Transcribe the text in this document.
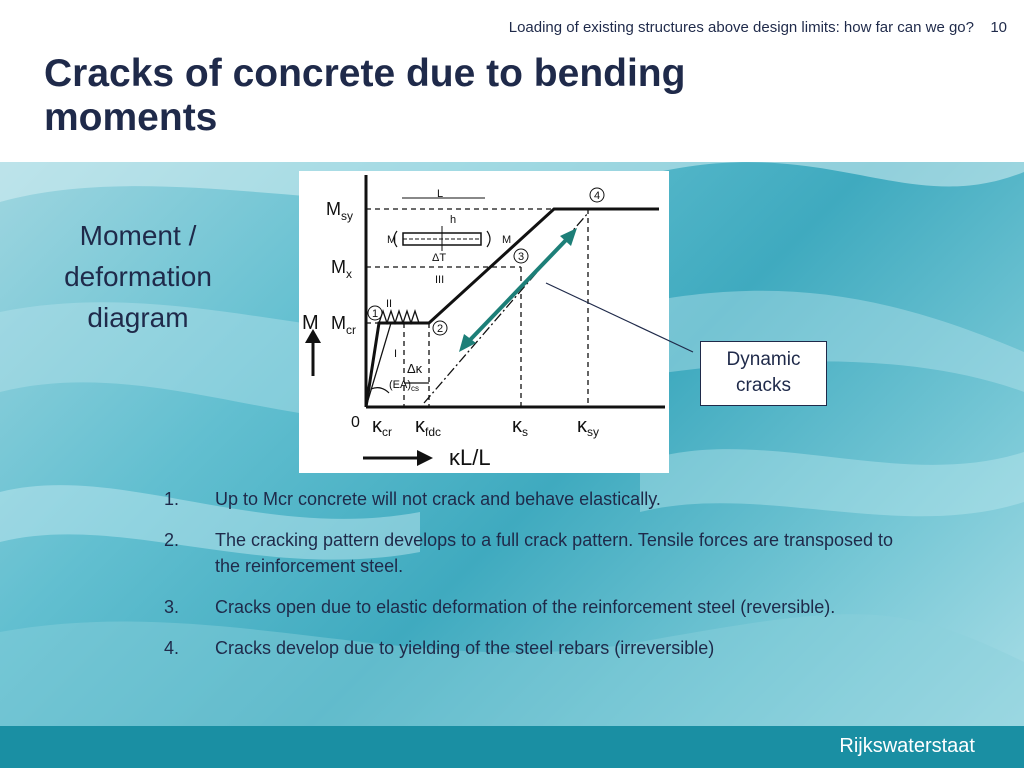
Loading of existing structures above design limits: how far can we go? 10
Cracks of concrete due to bending moments
Moment /
deformation
diagram
$M_{sy}$
$M_x$
$M_{cr}$
M
0 $\kappa_{cr}$ $\kappa_{fdc}$	$\kappa_s$ $\kappa_{sy}$
κL/L
II
I
III
$(EA)_{cs}$
Δκ
L
h
M	M
ΔT
1
2
3
4
Dynamic
cracks
1. Up to Mcr concrete will not crack and behave elastically.
2. The cracking pattern develops to a full crack pattern. Tensile forces are transposed to the reinforcement steel.
3. Cracks open due to elastic deformation of the reinforcement steel (reversible).
4. Cracks develop due to yielding of the steel rebars (irreversible)
Rijkswaterstaat
